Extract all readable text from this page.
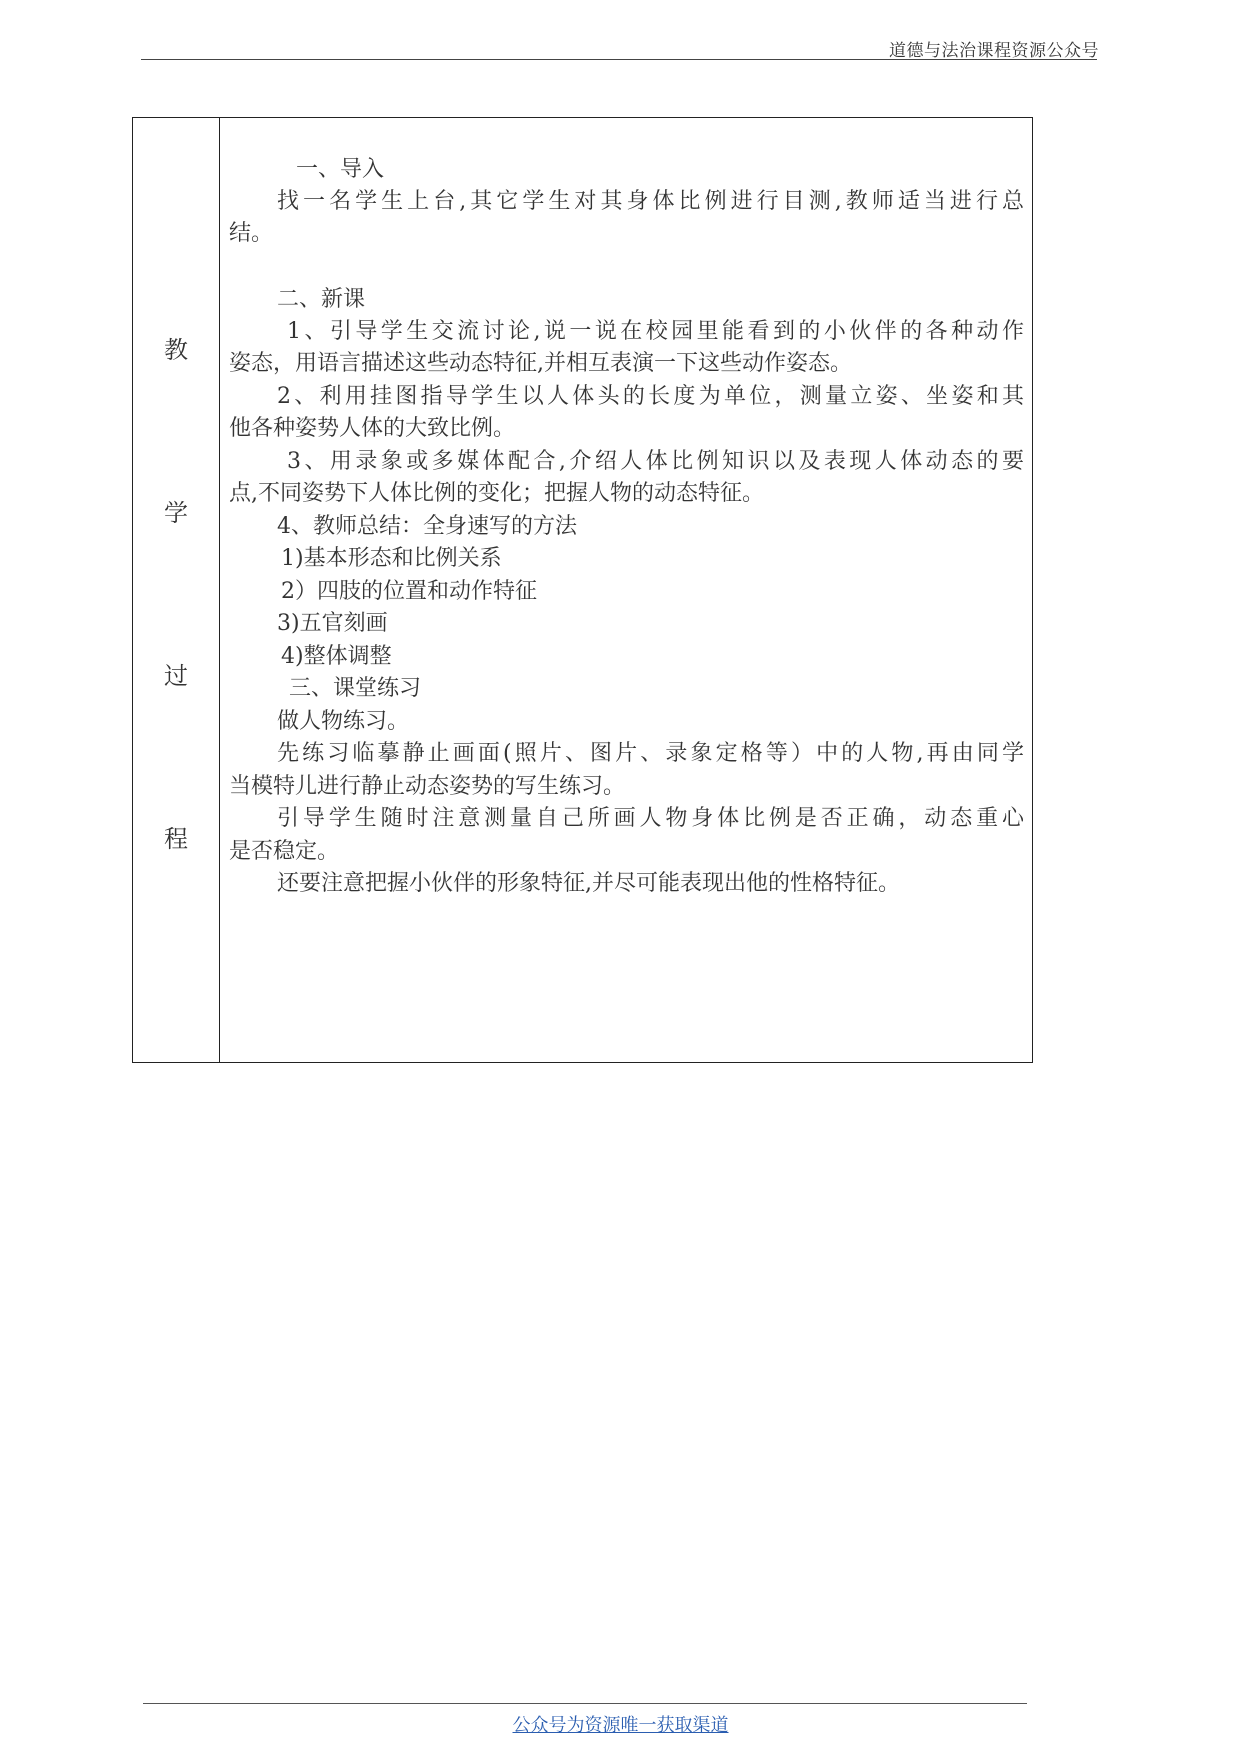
道德与法治课程资源公众号
教
学
过
程
一、导入
找一名学生上台,其它学生对其身体比例进行目测,教师适当进行总
结。
二、新课
1、引导学生交流讨论,说一说在校园里能看到的小伙伴的各种动作
姿态，用语言描述这些动态特征,并相互表演一下这些动作姿态。
2、利用挂图指导学生以人体头的长度为单位，测量立姿、坐姿和其
他各种姿势人体的大致比例。
3、用录象或多媒体配合,介绍人体比例知识以及表现人体动态的要
点,不同姿势下人体比例的变化；把握人物的动态特征。
4、教师总结：全身速写的方法
1)基本形态和比例关系
2）四肢的位置和动作特征
3)五官刻画
4)整体调整
三、课堂练习
做人物练习。
先练习临摹静止画面(照片、图片、录象定格等）中的人物,再由同学
当模特儿进行静止动态姿势的写生练习。
引导学生随时注意测量自己所画人物身体比例是否正确，动态重心
是否稳定。
还要注意把握小伙伴的形象特征,并尽可能表现出他的性格特征。
公众号为资源唯一获取渠道
